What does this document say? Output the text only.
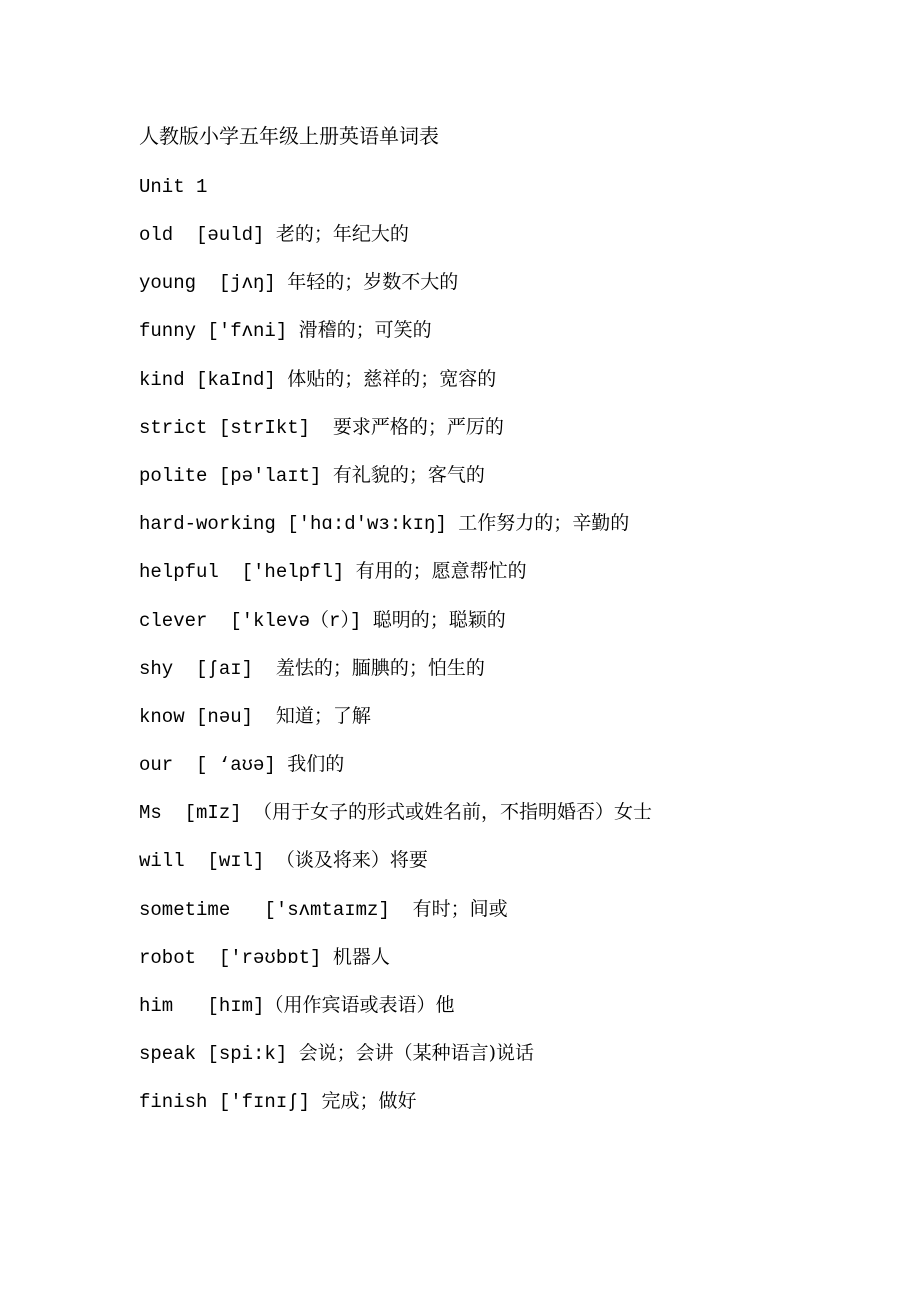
人教版小学五年级上册英语单词表
Unit 1
old  [əuld] 老的；年纪大的
young  [jʌŋ] 年轻的；岁数不大的
funny ['fʌni] 滑稽的；可笑的
kind [kaInd] 体贴的；慈祥的；宽容的
strict [strIkt]  要求严格的；严厉的
polite [pə'laɪt] 有礼貌的；客气的
hard-working ['hɑ:d'wɜ:kɪŋ] 工作努力的；辛勤的
helpful  ['helpfl] 有用的；愿意帮忙的
clever  ['klevə（r）] 聪明的；聪颖的
shy  [ʃaɪ]  羞怯的；腼腆的；怕生的
know [nəu]  知道；了解
our  [ ‘aʊə] 我们的
Ms  [mIz] （用于女子的形式或姓名前，不指明婚否）女士
will  [wɪl] （谈及将来）将要
sometime   ['sʌmtaɪmz]  有时；间或
robot  ['rəʊbɒt] 机器人
him   [hɪm]（用作宾语或表语）他
speak [spi:k] 会说；会讲（某种语言)说话
finish ['fɪnɪʃ] 完成；做好
